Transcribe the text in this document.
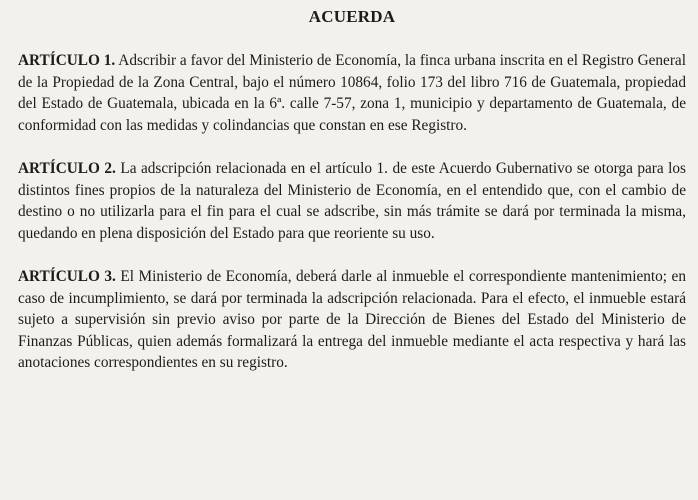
ACUERDA

ARTÍCULO 1. Adscribir a favor del Ministerio de Economía, la finca urbana inscrita en el Registro General de la Propiedad de la Zona Central, bajo el número 10864, folio 173 del libro 716 de Guatemala, propiedad del Estado de Guatemala, ubicada en la 6ª. calle 7-57, zona 1, municipio y departamento de Guatemala, de conformidad con las medidas y colindancias que constan en ese Registro.

ARTÍCULO 2. La adscripción relacionada en el artículo 1. de este Acuerdo Gubernativo se otorga para los distintos fines propios de la naturaleza del Ministerio de Economía, en el entendido que, con el cambio de destino o no utilizarla para el fin para el cual se adscribe, sin más trámite se dará por terminada la misma, quedando en plena disposición del Estado para que reoriente su uso.

ARTÍCULO 3. El Ministerio de Economía, deberá darle al inmueble el correspondiente mantenimiento; en caso de incumplimiento, se dará por terminada la adscripción relacionada. Para el efecto, el inmueble estará sujeto a supervisión sin previo aviso por parte de la Dirección de Bienes del Estado del Ministerio de Finanzas Públicas, quien además formalizará la entrega del inmueble mediante el acta respectiva y hará las anotaciones correspondientes en su registro.
